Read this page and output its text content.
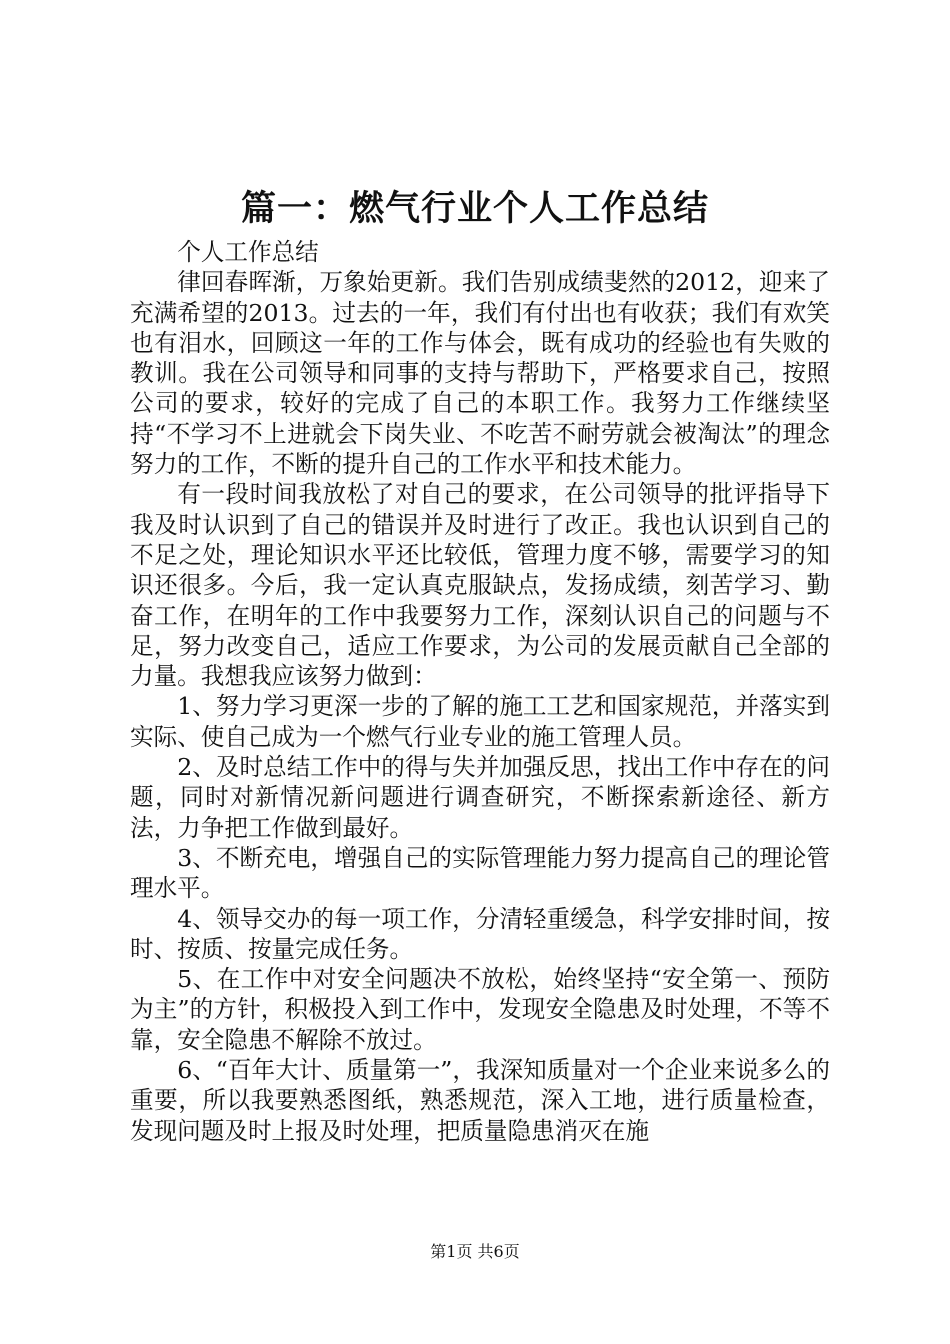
篇一：燃气行业个人工作总结

个人工作总结

律回春晖渐，万象始更新。我们告别成绩斐然的2012，迎来了充满希望的2013。过去的一年，我们有付出也有收获；我们有欢笑也有泪水，回顾这一年的工作与体会，既有成功的经验也有失败的教训。我在公司领导和同事的支持与帮助下，严格要求自己，按照公司的要求，较好的完成了自己的本职工作。我努力工作继续坚持“不学习不上进就会下岗失业、不吃苦不耐劳就会被淘汰”的理念努力的工作，不断的提升自己的工作水平和技术能力。

有一段时间我放松了对自己的要求，在公司领导的批评指导下我及时认识到了自己的错误并及时进行了改正。我也认识到自己的不足之处，理论知识水平还比较低，管理力度不够，需要学习的知识还很多。今后，我一定认真克服缺点，发扬成绩，刻苦学习、勤奋工作，在明年的工作中我要努力工作，深刻认识自己的问题与不足，努力改变自己，适应工作要求，为公司的发展贡献自己全部的力量。我想我应该努力做到：

1、努力学习更深一步的了解的施工工艺和国家规范，并落实到实际、使自己成为一个燃气行业专业的施工管理人员。

2、及时总结工作中的得与失并加强反思，找出工作中存在的问题，同时对新情况新问题进行调查研究，不断探索新途径、新方法，力争把工作做到最好。

3、不断充电，增强自己的实际管理能力努力提高自己的理论管理水平。

4、领导交办的每一项工作，分清轻重缓急，科学安排时间，按时、按质、按量完成任务。

5、在工作中对安全问题决不放松，始终坚持“安全第一、预防为主”的方针，积极投入到工作中，发现安全隐患及时处理，不等不靠，安全隐患不解除不放过。

6、“百年大计、质量第一”，我深知质量对一个企业来说多么的重要，所以我要熟悉图纸，熟悉规范，深入工地，进行质量检查，发现问题及时上报及时处理，把质量隐患消灭在施

第1页 共6页
